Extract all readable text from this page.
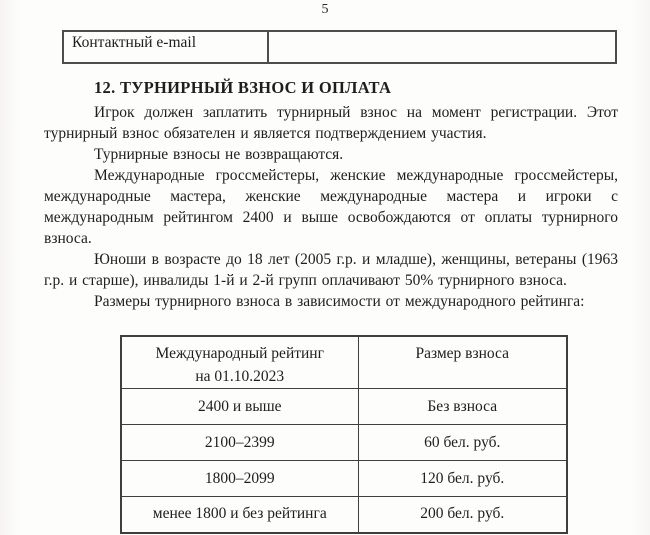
5
Контактный e-mail	
12. ТУРНИРНЫЙ ВЗНОС И ОПЛАТА

Игрок должен заплатить турнирный взнос на момент регистрации. Этот турнирный взнос обязателен и является подтверждением участия.

Турнирные взносы не возвращаются.

Международные гроссмейстеры, женские международные гроссмейстеры, международные мастера, женские международные мастера и игроки с международным рейтингом 2400 и выше освобождаются от оплаты турнирного взноса.

Юноши в возрасте до 18 лет (2005 г.р. и младше), женщины, ветераны (1963 г.р. и старше), инвалиды 1-й и 2-й групп оплачивают 50% турнирного взноса.

Размеры турнирного взноса в зависимости от международного рейтинга:

Международный рейтинг
на 01.10.2023	Размер взноса
2400 и выше	Без взноса
2100–2399	60 бел. руб.
1800–2099	120 бел. руб.
менее 1800 и без рейтинга	200 бел. руб.
